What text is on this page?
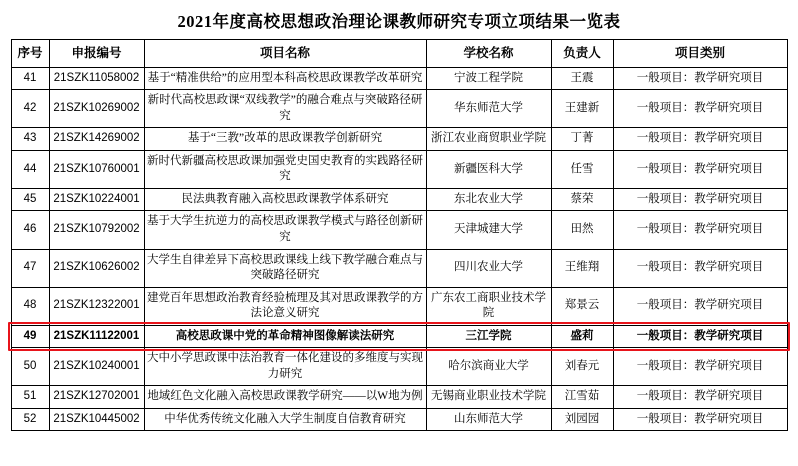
2021年度高校思想政治理论课教师研究专项立项结果一览表
序号	申报编号	项目名称	学校名称	负责人	项目类别
41	21SZK11058002	基于“精准供给”的应用型本科高校思政课教学改革研究	宁波工程学院	王震	一般项目：教学研究项目
42	21SZK10269002	新时代高校思政课“双线教学”的融合难点与突破路径研究	华东师范大学	王建新	一般项目：教学研究项目
43	21SZK14269002	基于“三教”改革的思政课教学创新研究	浙江农业商贸职业学院	丁菁	一般项目：教学研究项目
44	21SZK10760001	新时代新疆高校思政课加强党史国史教育的实践路径研究	新疆医科大学	任雪	一般项目：教学研究项目
45	21SZK10224001	民法典教育融入高校思政课教学体系研究	东北农业大学	蔡荣	一般项目：教学研究项目
46	21SZK10792002	基于大学生抗逆力的高校思政课教学模式与路径创新研究	天津城建大学	田然	一般项目：教学研究项目
47	21SZK10626002	大学生自律差异下高校思政课线上线下教学融合难点与突破路径研究	四川农业大学	王维翔	一般项目：教学研究项目
48	21SZK12322001	建党百年思想政治教育经验梳理及其对思政课教学的方法论意义研究	广东农工商职业技术学院	郑景云	一般项目：教学研究项目
49	21SZK11122001	高校思政课中党的革命精神图像解读法研究	三江学院	盛莉	一般项目：教学研究项目
50	21SZK10240001	大中小学思政课中法治教育一体化建设的多维度与实现力研究	哈尔滨商业大学	刘春元	一般项目：教学研究项目
51	21SZK12702001	地域红色文化融入高校思政课教学研究——以W地为例	无锡商业职业技术学院	江雪茹	一般项目：教学研究项目
52	21SZK10445002	中华优秀传统文化融入大学生制度自信教育研究	山东师范大学	刘园园	一般项目：教学研究项目
